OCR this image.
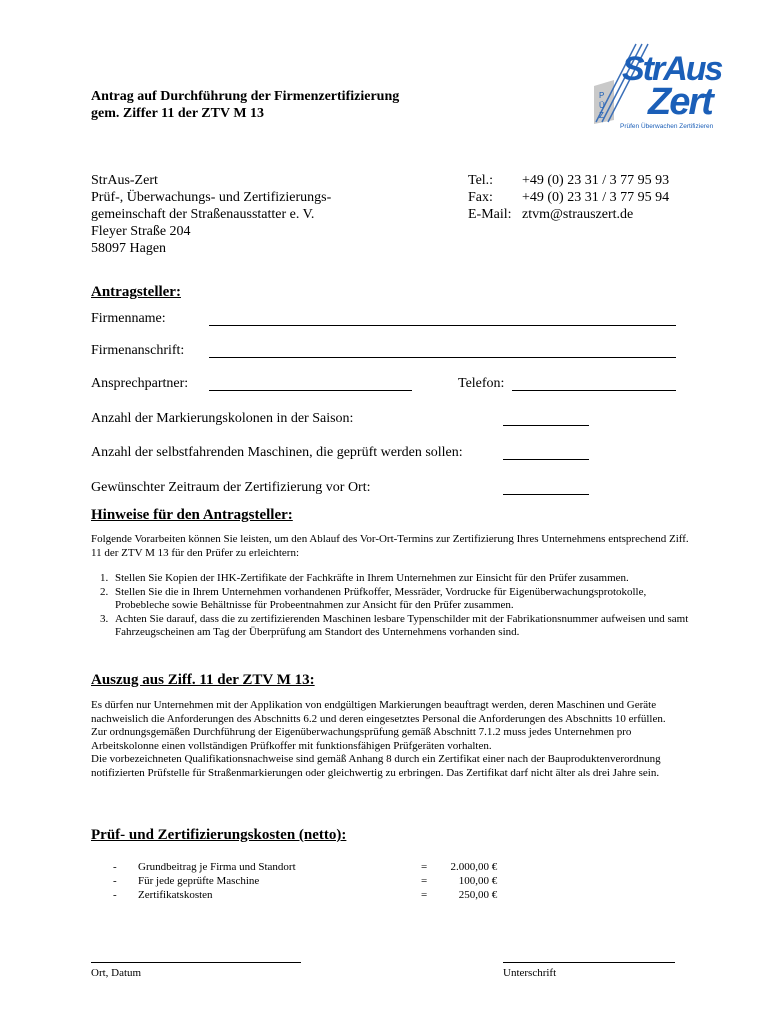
Antrag auf Durchführung der Firmenzertifizierung
gem. Ziffer 11 der ZTV M 13
P
Ü
Z
StrAus
Zert
Prüfen Überwachen Zertifizieren
StrAus-Zert
Prüf-, Überwachungs- und Zertifizierungs-
gemeinschaft der Straßenausstatter e. V.
Fleyer Straße 204
58097 Hagen
Tel.:	+49 (0) 23 31 / 3 77 95 93
Fax:	+49 (0) 23 31 / 3 77 95 94
E-Mail: ztvm@strauszert.de
Antragsteller:
Firmenname:
Firmenanschrift:
Ansprechpartner:	Telefon:
Anzahl der Markierungskolonen in der Saison:
Anzahl der selbstfahrenden Maschinen, die geprüft werden sollen:
Gewünschter Zeitraum der Zertifizierung vor Ort:
Hinweise für den Antragsteller:
Folgende Vorarbeiten können Sie leisten, um den Ablauf des Vor-Ort-Termins zur Zertifizierung Ihres Unternehmens entsprechend Ziff. 11 der ZTV M 13 für den Prüfer zu erleichtern:
1. Stellen Sie Kopien der IHK-Zertifikate der Fachkräfte in Ihrem Unternehmen zur Einsicht für den Prüfer zusammen.
2. Stellen Sie die in Ihrem Unternehmen vorhandenen Prüfkoffer, Messräder, Vordrucke für Eigenüberwachungsprotokolle, Probebleche sowie Behältnisse für Probeentnahmen zur Ansicht für den Prüfer zusammen.
3. Achten Sie darauf, dass die zu zertifizierenden Maschinen lesbare Typenschilder mit der Fabrikationsnummer aufweisen und samt Fahrzeugscheinen am Tag der Überprüfung am Standort des Unternehmens vorhanden sind.
Auszug aus Ziff. 11 der ZTV M 13:
Es dürfen nur Unternehmen mit der Applikation von endgültigen Markierungen beauftragt werden, deren Maschinen und Geräte nachweislich die Anforderungen des Abschnitts 6.2 und deren eingesetztes Personal die Anforderungen des Abschnitts 10 erfüllen.
Zur ordnungsgemäßen Durchführung der Eigenüberwachungsprüfung gemäß Abschnitt 7.1.2 muss jedes Unternehmen pro Arbeitskolonne einen vollständigen Prüfkoffer mit funktionsfähigen Prüfgeräten vorhalten.
Die vorbezeichneten Qualifikationsnachweise sind gemäß Anhang 8 durch ein Zertifikat einer nach der Bauproduktenverordnung notifizierten Prüfstelle für Straßenmarkierungen oder gleichwertig zu erbringen. Das Zertifikat darf nicht älter als drei Jahre sein.
Prüf- und Zertifizierungskosten (netto):
-	Grundbeitrag je Firma und Standort	=	2.000,00 €
-	Für jede geprüfte Maschine	=	100,00 €
-	Zertifikatskosten	=	250,00 €
Ort, Datum	Unterschrift
